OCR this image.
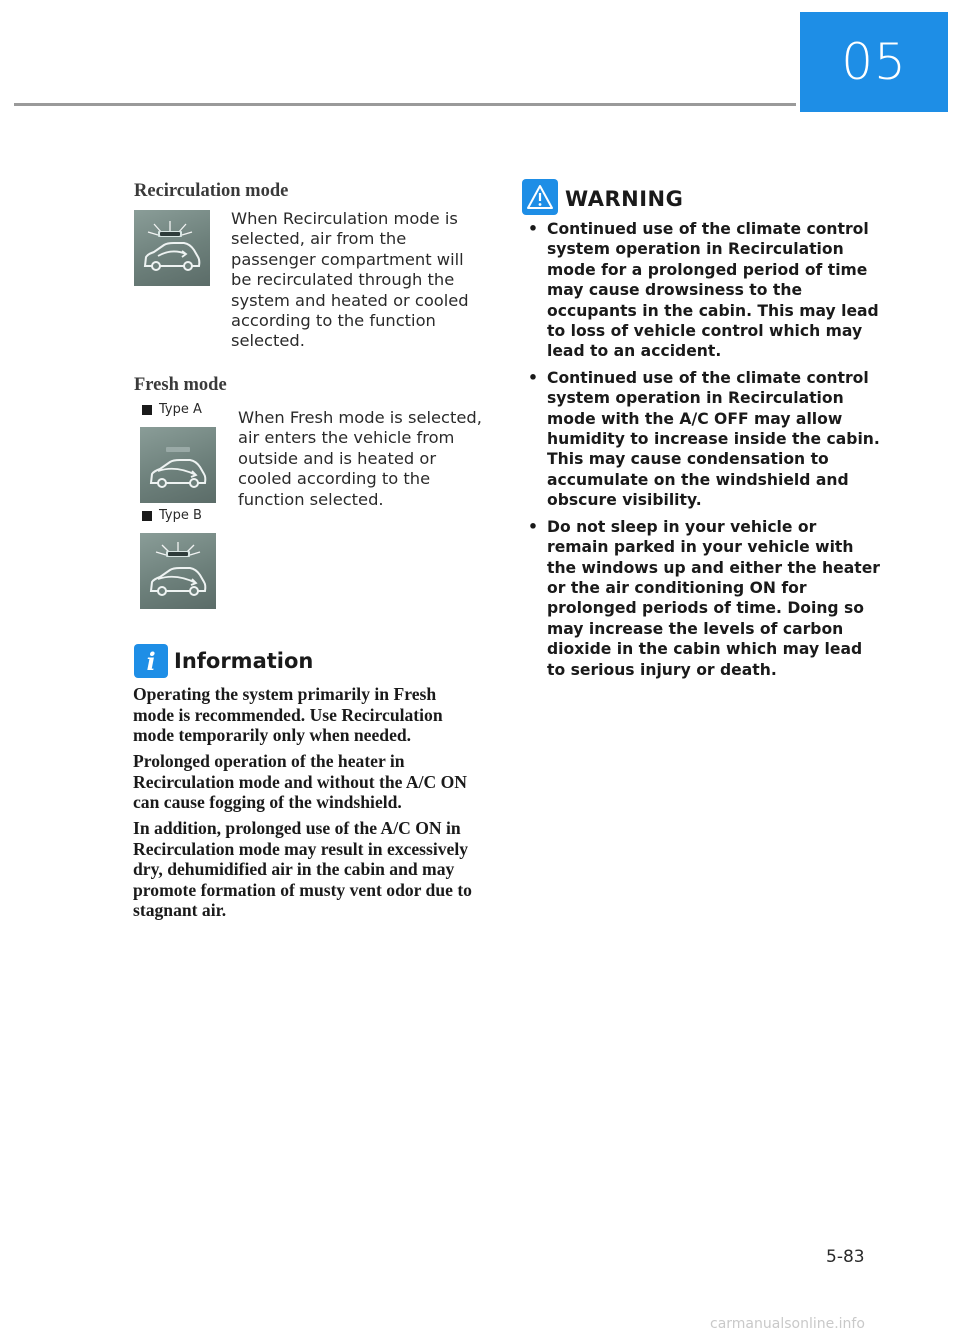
05
Recirculation mode
When Recirculation mode is selected, air from the passenger compartment will be recirculated through the system and heated or cooled according to the function selected.
Fresh mode
Type A
Type B
When Fresh mode is selected, air enters the vehicle from outside and is heated or cooled according to the function selected.
i Information
Operating the system primarily in Fresh mode is recommended. Use Recirculation mode temporarily only when needed.
Prolonged operation of the heater in Recirculation mode and without the A/C ON can cause fogging of the windshield.
In addition, prolonged use of the A/C ON in Recirculation mode may result in excessively dry, dehumidified air in the cabin and may promote formation of musty vent odor due to stagnant air.
WARNING
• Continued use of the climate control system operation in Recirculation mode for a prolonged period of time may cause drowsiness to the occupants in the cabin. This may lead to loss of vehicle control which may lead to an accident.
• Continued use of the climate control system operation in Recirculation mode with the A/C OFF may allow humidity to increase inside the cabin. This may cause condensation to accumulate on the windshield and obscure visibility.
• Do not sleep in your vehicle or remain parked in your vehicle with the windows up and either the heater or the air conditioning ON for prolonged periods of time. Doing so may increase the levels of carbon dioxide in the cabin which may lead to serious injury or death.
5-83
carmanualsonline.info
